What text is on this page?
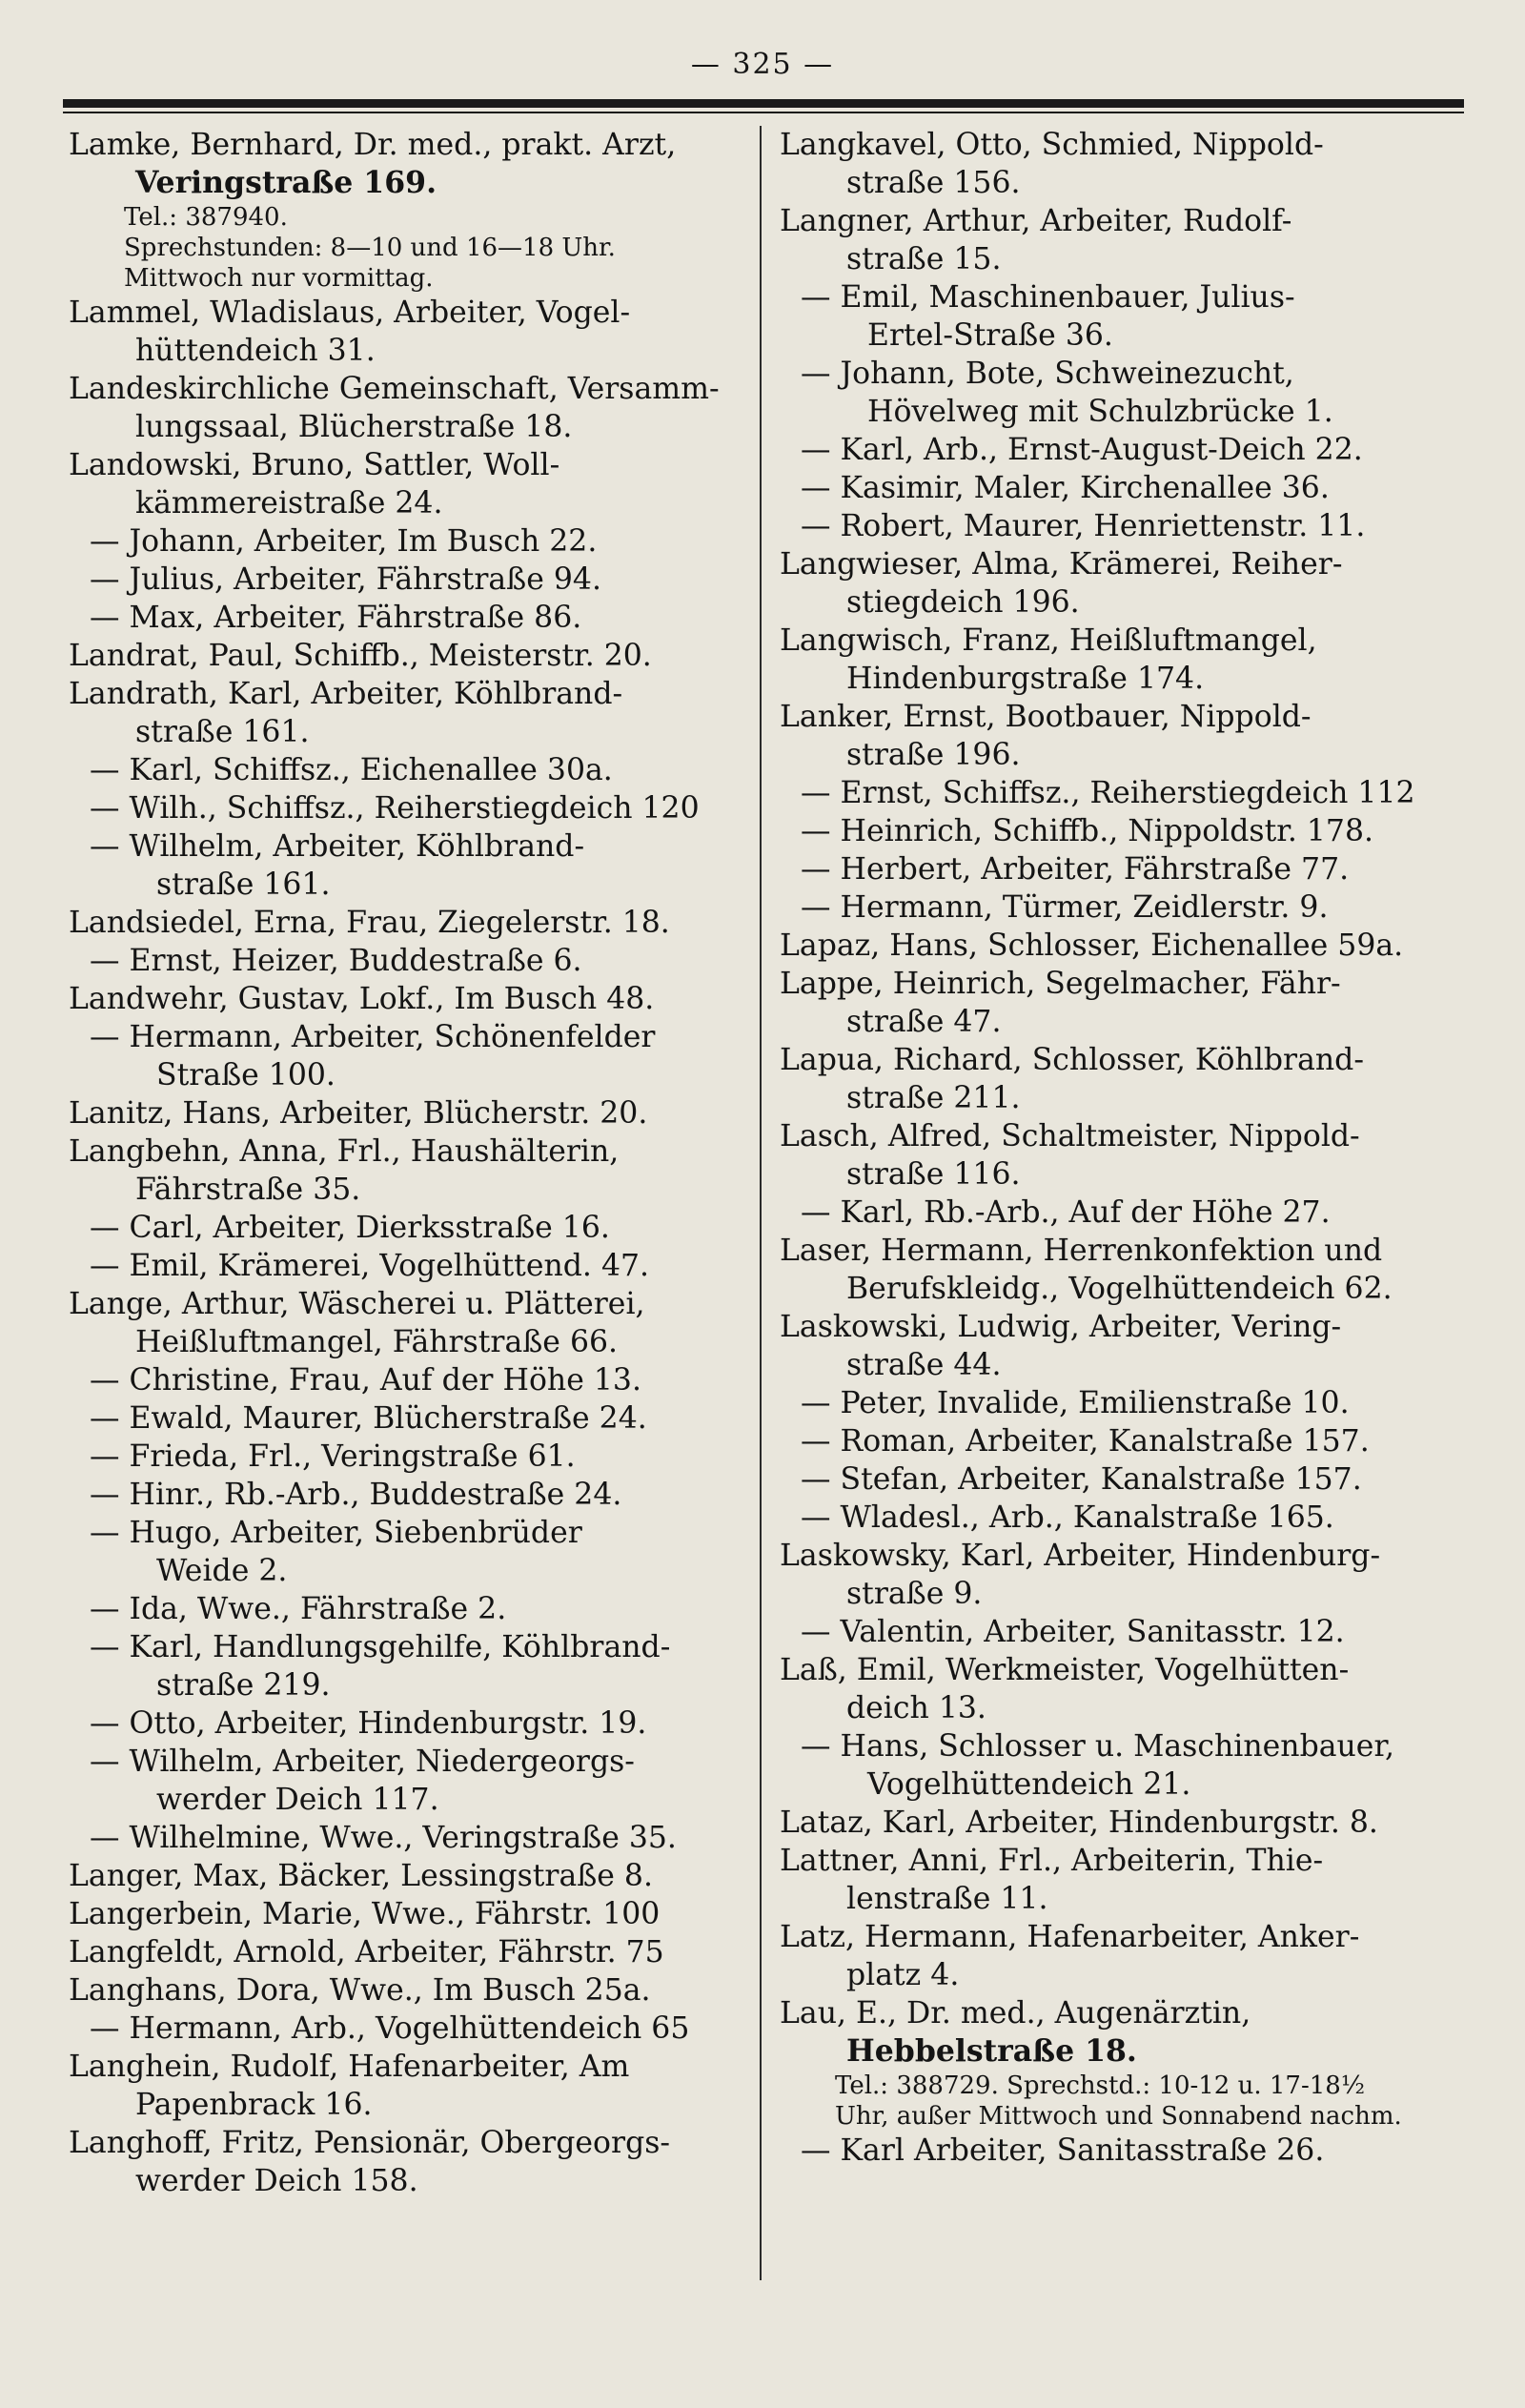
— 325 —
Lamke, Bernhard, Dr. med., prakt. Arzt,
Veringstraße 169.
Tel.: 387940.
Sprechstunden: 8—10 und 16—18 Uhr.
Mittwoch nur vormittag.
Lammel, Wladislaus, Arbeiter, Vogel-
hüttendeich 31.
Landeskirchliche Gemeinschaft, Versamm-
lungssaal, Blücherstraße 18.
Landowski, Bruno, Sattler, Woll-
kämmereistraße 24.
— Johann, Arbeiter, Im Busch 22.
— Julius, Arbeiter, Fährstraße 94.
— Max, Arbeiter, Fährstraße 86.
Landrat, Paul, Schiffb., Meisterstr. 20.
Landrath, Karl, Arbeiter, Köhlbrand-
straße 161.
— Karl, Schiffsz., Eichenallee 30a.
— Wilh., Schiffsz., Reiherstiegdeich 120
— Wilhelm, Arbeiter, Köhlbrand-
straße 161.
Landsiedel, Erna, Frau, Ziegelerstr. 18.
— Ernst, Heizer, Buddestraße 6.
Landwehr, Gustav, Lokf., Im Busch 48.
— Hermann, Arbeiter, Schönenfelder
Straße 100.
Lanitz, Hans, Arbeiter, Blücherstr. 20.
Langbehn, Anna, Frl., Haushälterin,
Fährstraße 35.
— Carl, Arbeiter, Dierksstraße 16.
— Emil, Krämerei, Vogelhüttend. 47.
Lange, Arthur, Wäscherei u. Plätterei,
Heißluftmangel, Fährstraße 66.
— Christine, Frau, Auf der Höhe 13.
— Ewald, Maurer, Blücherstraße 24.
— Frieda, Frl., Veringstraße 61.
— Hinr., Rb.-Arb., Buddestraße 24.
— Hugo, Arbeiter, Siebenbrüder
Weide 2.
— Ida, Wwe., Fährstraße 2.
— Karl, Handlungsgehilfe, Köhlbrand-
straße 219.
— Otto, Arbeiter, Hindenburgstr. 19.
— Wilhelm, Arbeiter, Niedergeorgs-
werder Deich 117.
— Wilhelmine, Wwe., Veringstraße 35.
Langer, Max, Bäcker, Lessingstraße 8.
Langerbein, Marie, Wwe., Fährstr. 100
Langfeldt, Arnold, Arbeiter, Fährstr. 75
Langhans, Dora, Wwe., Im Busch 25a.
— Hermann, Arb., Vogelhüttendeich 65
Langhein, Rudolf, Hafenarbeiter, Am
Papenbrack 16.
Langhoff, Fritz, Pensionär, Obergeorgs-
werder Deich 158.
Langkavel, Otto, Schmied, Nippold-
straße 156.
Langner, Arthur, Arbeiter, Rudolf-
straße 15.
— Emil, Maschinenbauer, Julius-
Ertel-Straße 36.
— Johann, Bote, Schweinezucht,
Hövelweg mit Schulzbrücke 1.
— Karl, Arb., Ernst-August-Deich 22.
— Kasimir, Maler, Kirchenallee 36.
— Robert, Maurer, Henriettenstr. 11.
Langwieser, Alma, Krämerei, Reiher-
stiegdeich 196.
Langwisch, Franz, Heißluftmangel,
Hindenburgstraße 174.
Lanker, Ernst, Bootbauer, Nippold-
straße 196.
— Ernst, Schiffsz., Reiherstiegdeich 112
— Heinrich, Schiffb., Nippoldstr. 178.
— Herbert, Arbeiter, Fährstraße 77.
— Hermann, Türmer, Zeidlerstr. 9.
Lapaz, Hans, Schlosser, Eichenallee 59a.
Lappe, Heinrich, Segelmacher, Fähr-
straße 47.
Lapua, Richard, Schlosser, Köhlbrand-
straße 211.
Lasch, Alfred, Schaltmeister, Nippold-
straße 116.
— Karl, Rb.-Arb., Auf der Höhe 27.
Laser, Hermann, Herrenkonfektion und
Berufskleidg., Vogelhüttendeich 62.
Laskowski, Ludwig, Arbeiter, Vering-
straße 44.
— Peter, Invalide, Emilienstraße 10.
— Roman, Arbeiter, Kanalstraße 157.
— Stefan, Arbeiter, Kanalstraße 157.
— Wladesl., Arb., Kanalstraße 165.
Laskowsky, Karl, Arbeiter, Hindenburg-
straße 9.
— Valentin, Arbeiter, Sanitasstr. 12.
Laß, Emil, Werkmeister, Vogelhütten-
deich 13.
— Hans, Schlosser u. Maschinenbauer,
Vogelhüttendeich 21.
Lataz, Karl, Arbeiter, Hindenburgstr. 8.
Lattner, Anni, Frl., Arbeiterin, Thie-
lenstraße 11.
Latz, Hermann, Hafenarbeiter, Anker-
platz 4.
Lau, E., Dr. med., Augenärztin,
Hebbelstraße 18.
Tel.: 388729. Sprechstd.: 10-12 u. 17-18½
Uhr, außer Mittwoch und Sonnabend nachm.
— Karl Arbeiter, Sanitasstraße 26.
